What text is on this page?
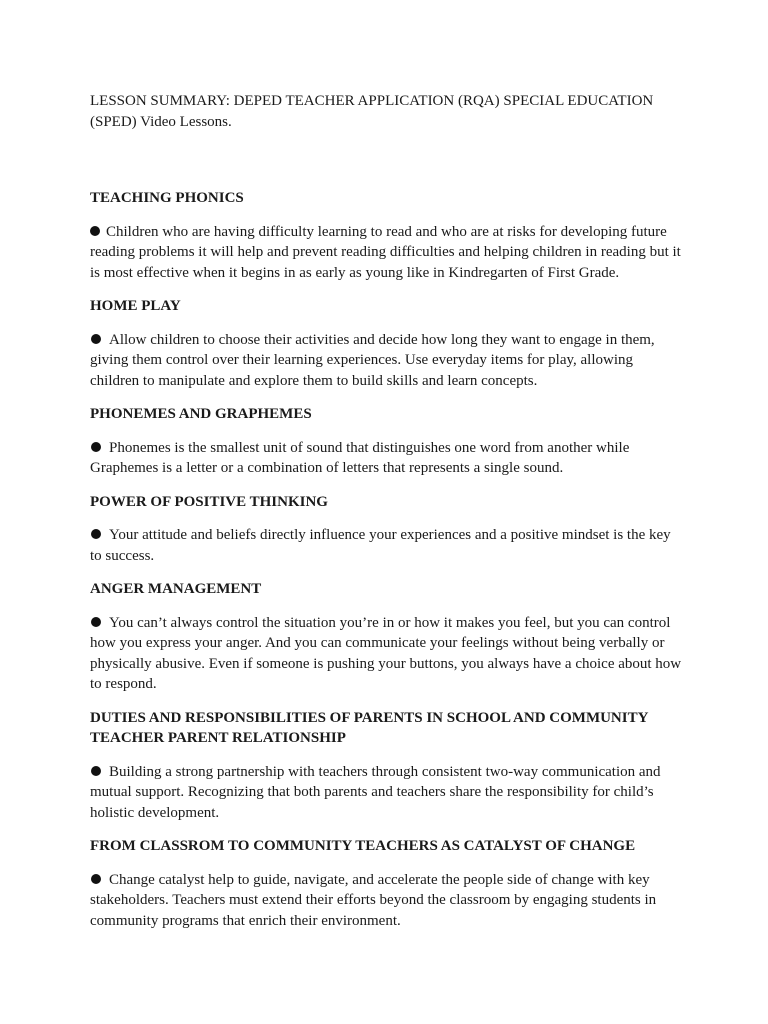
LESSON SUMMARY: DEPED TEACHER APPLICATION (RQA) SPECIAL EDUCATION (SPED) Video Lessons.

TEACHING PHONICS

Children who are having difficulty learning to read and who are at risks for developing future reading problems it will help and prevent reading difficulties and helping children in reading but it is most effective when it begins in as early as young like in Kindregarten of First Grade.

HOME PLAY

Allow children to choose their activities and decide how long they want to engage in them, giving them control over their learning experiences. Use everyday items for play, allowing children to manipulate and explore them to build skills and learn concepts.

PHONEMES AND GRAPHEMES

Phonemes is the smallest unit of sound that distinguishes one word from another while Graphemes is a letter or a combination of letters that represents a single sound.

POWER OF POSITIVE THINKING

Your attitude and beliefs directly influence your experiences and a positive mindset is the key to success.

ANGER MANAGEMENT

You can’t always control the situation you’re in or how it makes you feel, but you can control how you express your anger. And you can communicate your feelings without being verbally or physically abusive. Even if someone is pushing your buttons, you always have a choice about how to respond.

DUTIES AND RESPONSIBILITIES OF PARENTS IN SCHOOL AND COMMUNITY TEACHER PARENT RELATIONSHIP

Building a strong partnership with teachers through consistent two-way communication and mutual support. Recognizing that both parents and teachers share the responsibility for child’s holistic development.

FROM CLASSROM TO COMMUNITY TEACHERS AS CATALYST OF CHANGE

Change catalyst help to guide, navigate, and accelerate the people side of change with key stakeholders. Teachers must extend their efforts beyond the classroom by engaging students in community programs that enrich their environment.
